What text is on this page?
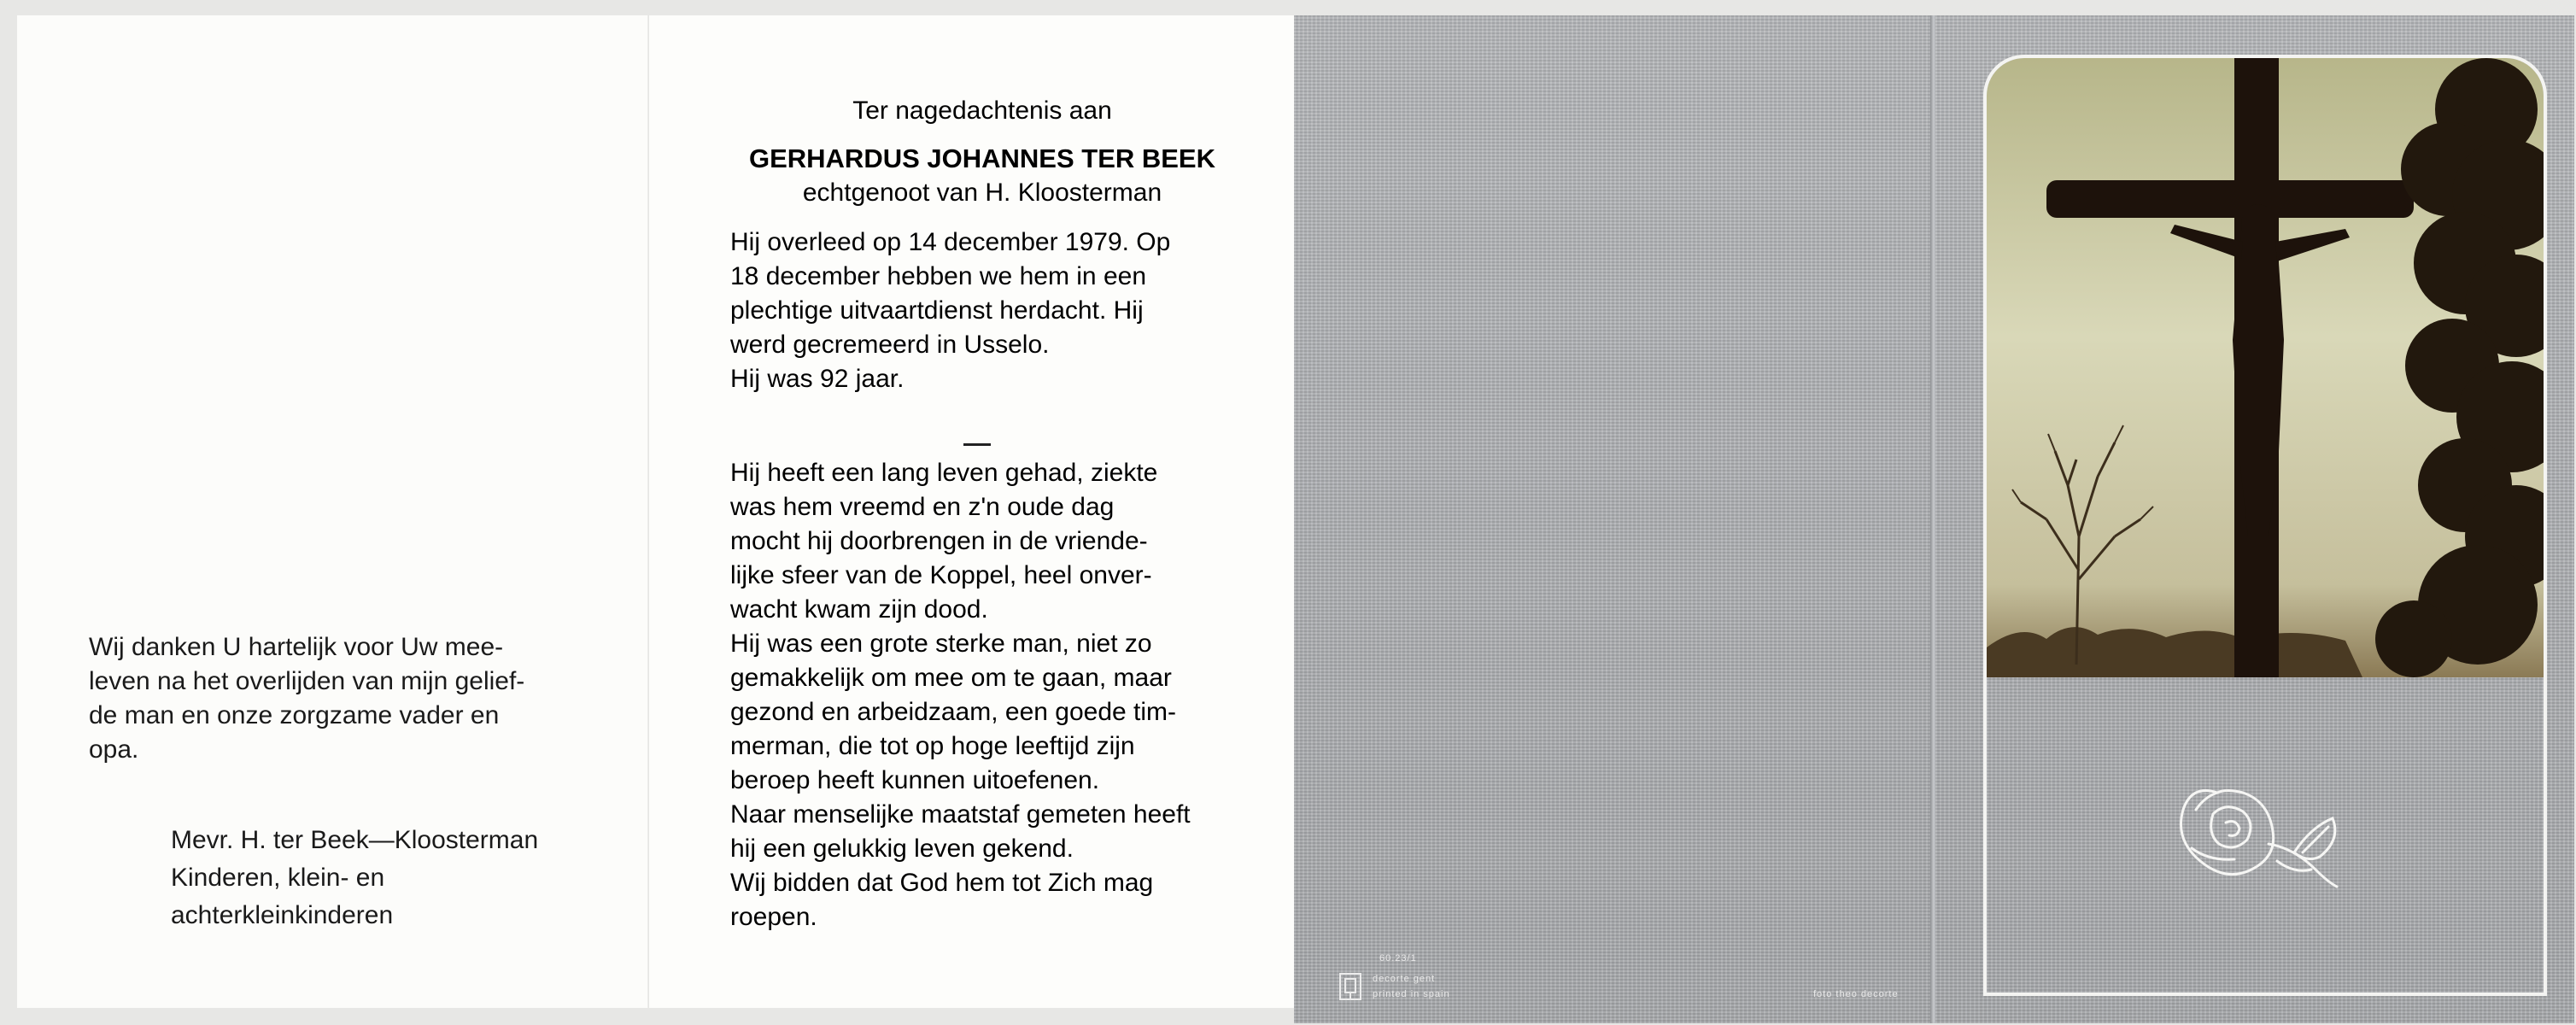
Wij danken U hartelijk voor Uw mee-
leven na het overlijden van mijn gelief-
de man en onze zorgzame vader en
opa.
Mevr. H. ter Beek—Kloosterman
Kinderen, klein- en
achterkleinkinderen
Ter nagedachtenis aan
GERHARDUS JOHANNES TER BEEK
echtgenoot van H. Kloosterman
Hij overleed op 14 december 1979. Op
18 december hebben we hem in een
plechtige uitvaartdienst herdacht. Hij
werd gecremeerd in Usselo.
Hij was 92 jaar.
Hij heeft een lang leven gehad, ziekte
was hem vreemd en z'n oude dag
mocht hij doorbrengen in de vriende-
lijke sfeer van de Koppel, heel onver-
wacht kwam zijn dood.
Hij was een grote sterke man, niet zo
gemakkelijk om mee om te gaan, maar
gezond en arbeidzaam, een goede tim-
merman, die tot op hoge leeftijd zijn
beroep heeft kunnen uitoefenen.
Naar menselijke maatstaf gemeten heeft
hij een gelukkig leven gekend.
Wij bidden dat God hem tot Zich mag
roepen.
60.23/1
decorte gent
printed in spain	foto theo decorte
